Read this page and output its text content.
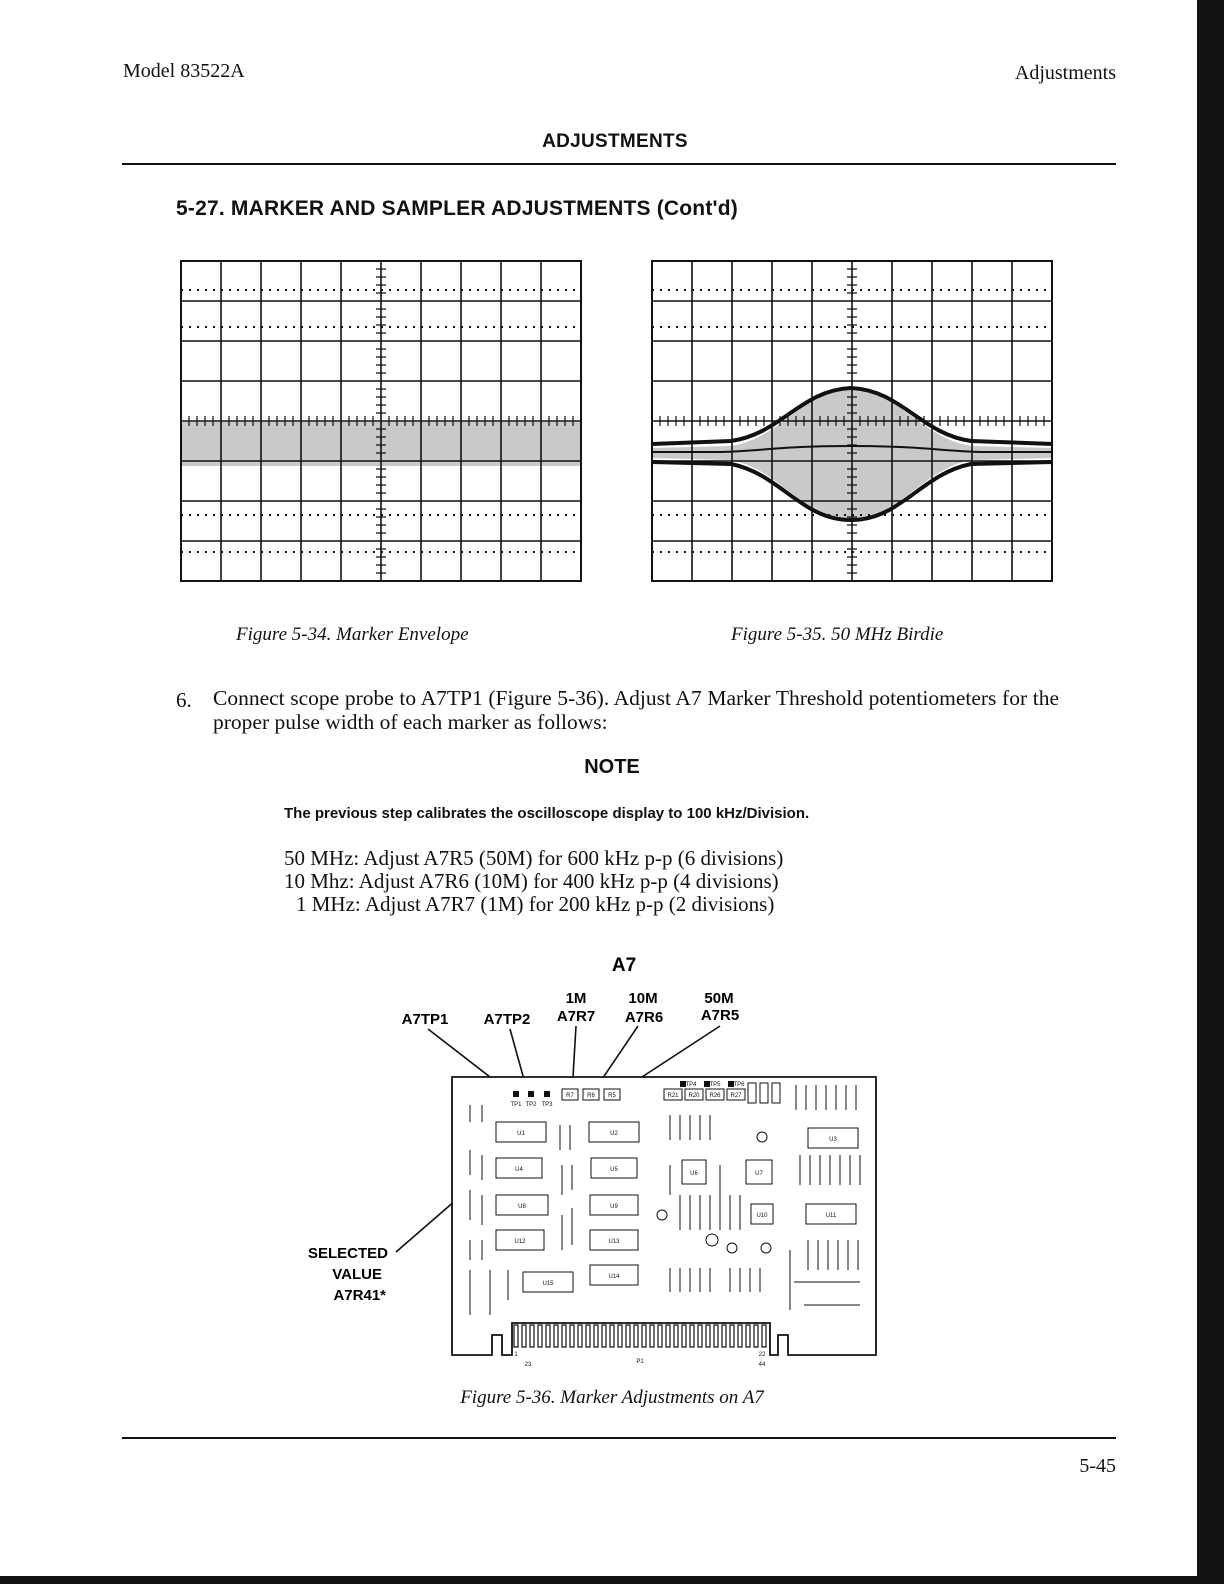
Model 83522A	Adjustments
ADJUSTMENTS
5-27. MARKER AND SAMPLER ADJUSTMENTS (Cont'd)
Figure 5-34. Marker Envelope	Figure 5-35. 50 MHz Birdie
6. Connect scope probe to A7TP1 (Figure 5-36). Adjust A7 Marker Threshold potentiometers for the proper pulse width of each marker as follows:
NOTE
The previous step calibrates the oscilloscope display to 100 kHz/Division.
50 MHz: Adjust A7R5 (50M) for 600 kHz p-p (6 divisions)
10 Mhz: Adjust A7R6 (10M) for 400 kHz p-p (4 divisions)
1 MHz: Adjust A7R7 (1M) for 200 kHz p-p (2 divisions)
A7
1M	10M	50M
A7TP1 A7TP2 A7R7 A7R6	A7R5
SELECTED
VALUE
A7R41*
TP1 TP2 TP3
TP4 TP5 TP6
R7 R6 R5	R21 R20 R26 R27
U1	U2
U3
U4	U5
U6	U7
U8	U9
U10	U11
U12	U13
U14
U15
1
23	P1
22
44
Figure 5-36. Marker Adjustments on A7
5-45
